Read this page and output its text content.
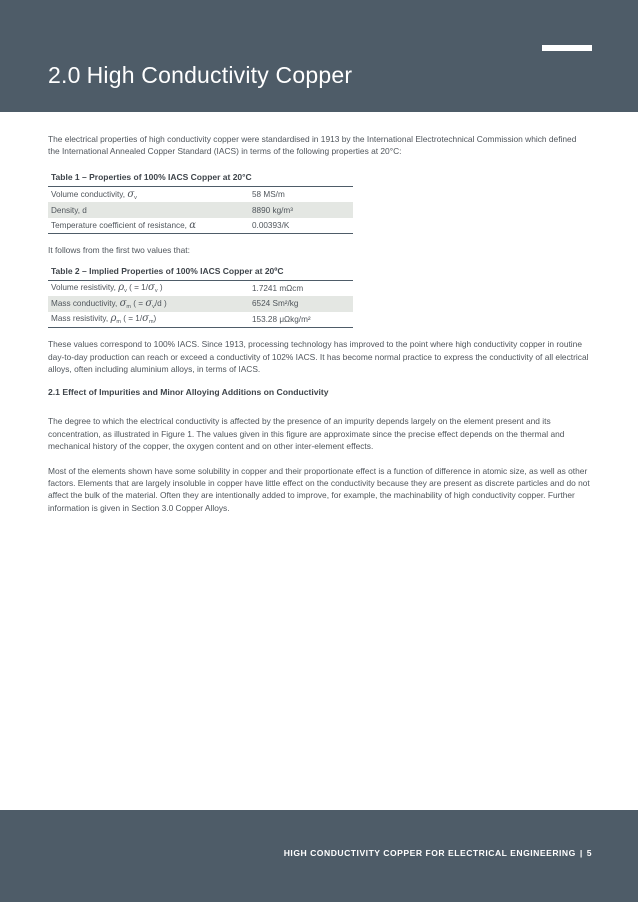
2.0 High Conductivity Copper

The electrical properties of high conductivity copper were standardised in 1913 by the International Electrotechnical Commission which defined the International Annealed Copper Standard (IACS) in terms of the following properties at 20°C:

Table 1 – Properties of 100% IACS Copper at 20°C

Volume conductivity, $\sigma_v$	58 MS/m
Density, d	8890 kg/m³
Temperature coefficient of resistance, α	0.00393/K

It follows from the first two values that:

Table 2 – Implied Properties of 100% IACS Copper at 20ºC

Volume resistivity, $\rho_v$ ( = $1/\sigma_v$ )	1.7241 mΩcm
Mass conductivity, $\sigma_m$ ( = $\sigma_v/d$ )	6524 Sm²/kg
Mass resistivity, $\rho_m$ ( = $1/\sigma_m$)	153.28 μΩkg/m²

These values correspond to 100% IACS. Since 1913, processing technology has improved to the point where high conductivity copper in routine day-to-day production can reach or exceed a conductivity of 102% IACS. It has become normal practice to express the conductivity of all electrical alloys, often including aluminium alloys, in terms of IACS.

2.1 Effect of Impurities and Minor Alloying Additions on Conductivity

The degree to which the electrical conductivity is affected by the presence of an impurity depends largely on the element present and its concentration, as illustrated in Figure 1. The values given in this figure are approximate since the precise effect depends on the thermal and mechanical history of the copper, the oxygen content and on other inter-element effects.

Most of the elements shown have some solubility in copper and their proportionate effect is a function of difference in atomic size, as well as other factors. Elements that are largely insoluble in copper have little effect on the conductivity because they are present as discrete particles and do not affect the bulk of the material. Often they are intentionally added to improve, for example, the machinability of high conductivity copper. Further information is given in Section 3.0 Copper Alloys.

HIGH CONDUCTIVITY COPPER FOR ELECTRICAL ENGINEERING | 5
